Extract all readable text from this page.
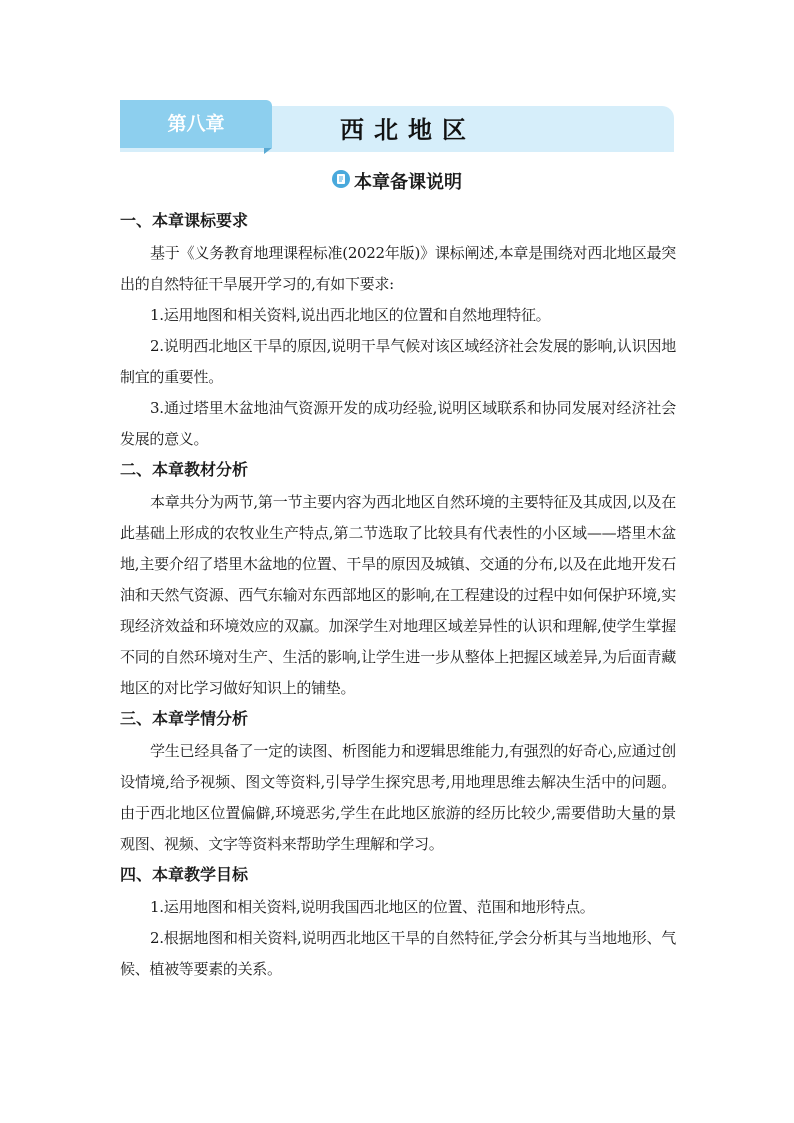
第八章	西北地区
本章备课说明
一、本章课标要求

基于《义务教育地理课程标准(2022年版)》课标阐述,本章是围绕对西北地区最突出的自然特征干旱展开学习的,有如下要求:

1.运用地图和相关资料,说出西北地区的位置和自然地理特征。

2.说明西北地区干旱的原因,说明干旱气候对该区域经济社会发展的影响,认识因地制宜的重要性。

3.通过塔里木盆地油气资源开发的成功经验,说明区域联系和协同发展对经济社会发展的意义。

二、本章教材分析

本章共分为两节,第一节主要内容为西北地区自然环境的主要特征及其成因,以及在此基础上形成的农牧业生产特点,第二节选取了比较具有代表性的小区域——塔里木盆地,主要介绍了塔里木盆地的位置、干旱的原因及城镇、交通的分布,以及在此地开发石油和天然气资源、西气东输对东西部地区的影响,在工程建设的过程中如何保护环境,实现经济效益和环境效应的双赢。加深学生对地理区域差异性的认识和理解,使学生掌握不同的自然环境对生产、生活的影响,让学生进一步从整体上把握区域差异,为后面青藏地区的对比学习做好知识上的铺垫。

三、本章学情分析

学生已经具备了一定的读图、析图能力和逻辑思维能力,有强烈的好奇心,应通过创设情境,给予视频、图文等资料,引导学生探究思考,用地理思维去解决生活中的问题。由于西北地区位置偏僻,环境恶劣,学生在此地区旅游的经历比较少,需要借助大量的景观图、视频、文字等资料来帮助学生理解和学习。

四、本章教学目标

1.运用地图和相关资料,说明我国西北地区的位置、范围和地形特点。

2.根据地图和相关资料,说明西北地区干旱的自然特征,学会分析其与当地地形、气候、植被等要素的关系。
